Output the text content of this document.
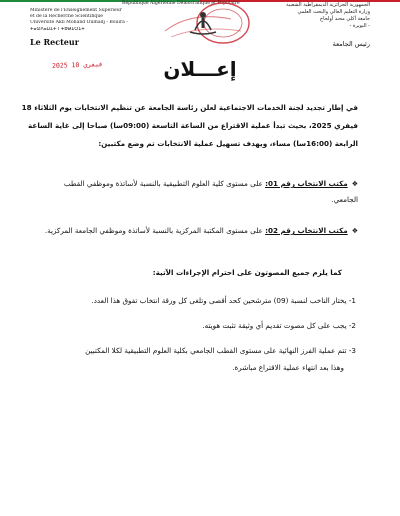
République Algérienne Démocratique et Populaire
Ministère de l'Enseignement Supérieur
et de la Recherche Scientifique
Université Akli Mohand Oulhadj - Bouira -
ⵜⴰⵙⴷⴰⵡⵉⵜ ⵏ ⵜⵓⴱⵉⵔⵉⵜ
الجمهورية الجزائرية الديمقراطية الشعبية
وزارة التعليم العالي والبحث العلمي
جامعة أكلي محند أولحاج
- البويرة -
Le Recteur	رئيس الجامعة
2025 فيفري 10	إعـــلان
في إطار تجديد لجنة الخدمات الاجتماعية لعلن رئاسة الجامعة عن تنظيم الانتخابات يوم الثلاثاء 18
فيفري 2025، بحيث تبدأ عملية الاقتراع من الساعة التاسعة (09:00سا) صباحا إلى غاية الساعة
الرابعة (16:00سا) مساء، ويهدف تسهيل عملية الانتخابات تم وضع مكتبين:
❖مكتب الانتخاب رقم 01: على مستوى كلية العلوم التطبيقية بالنسبة لأساتذة وموظفي القطب
الجامعي.
❖مكتب الانتخاب رقم 02: على مستوى المكتبة المركزية بالنسبة لأساتذة وموظفي الجامعة المركزية.
كما يلزم جميع المصوتون على احترام الإجراءات الآتية:
1- يختار الناخب لنسبة (09) مترشحين كحد أقصى وتلغى كل ورقة انتخاب تفوق هذا العدد.
2- يجب على كل مصوت تقديم أي وثيقة تثبت هويته.
3- تتم عملية الفرز النهائية على مستوى القطب الجامعي بكلية العلوم التطبيقية لكلا المكتبين
وهذا بعد انتهاء عملية الاقتراع مباشرة.
